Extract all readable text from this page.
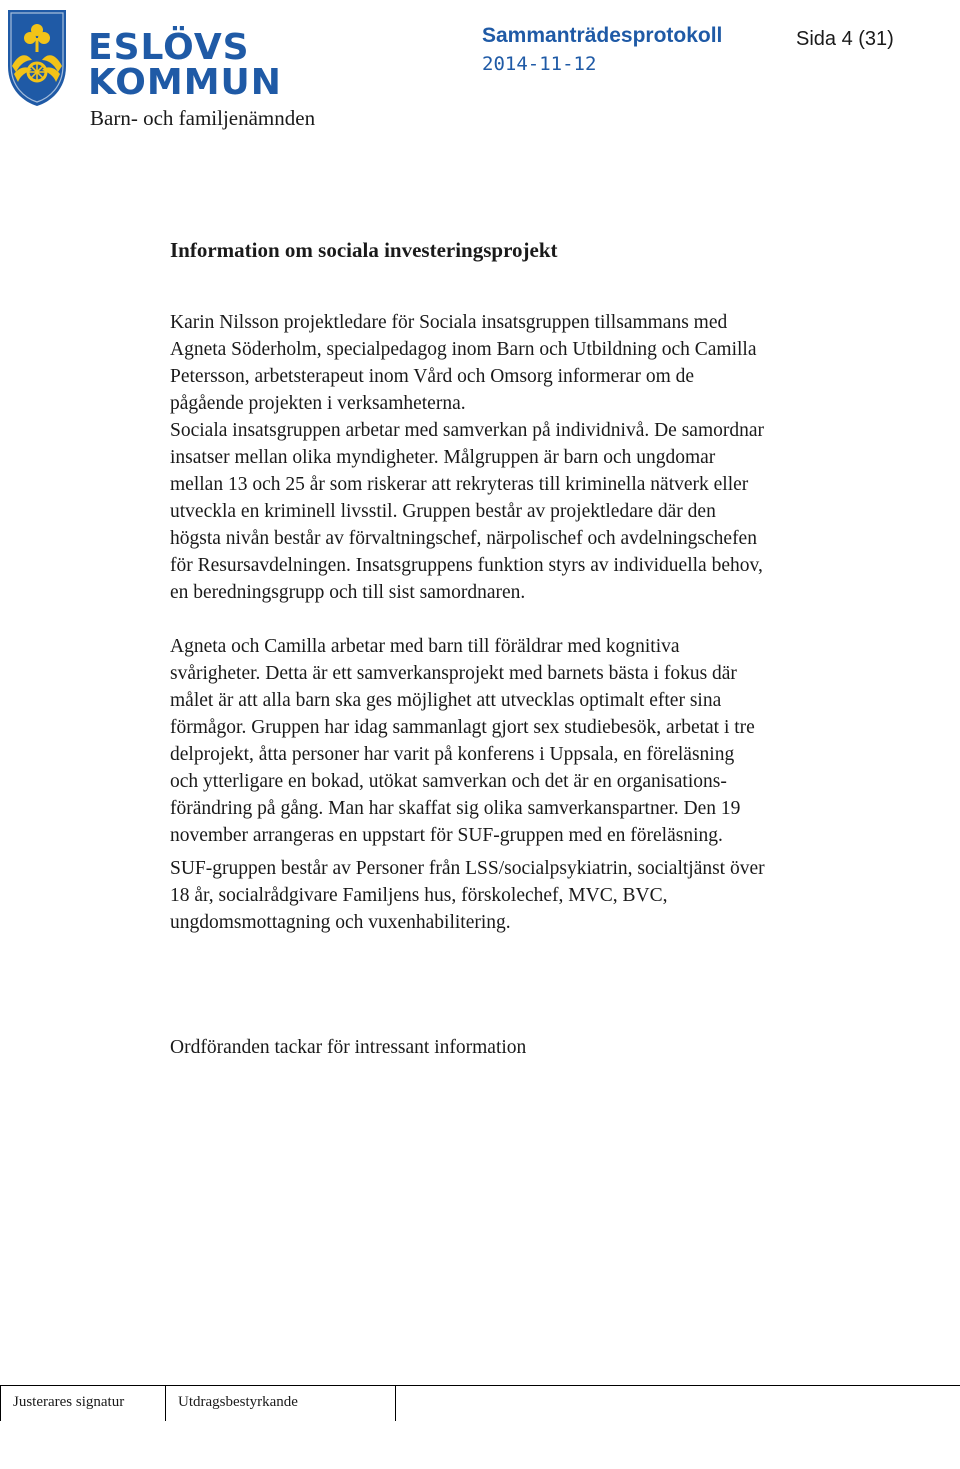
ESLÖVS
KOMMUN
Barn- och familjenämnden
Sammanträdesprotokoll	Sida 4 (31)
2014-11-12
Information om sociala investeringsprojekt
Karin Nilsson projektledare för Sociala insatsgruppen tillsammans med
Agneta Söderholm, specialpedagog inom Barn och Utbildning och Camilla
Petersson, arbetsterapeut inom Vård och Omsorg informerar om de
pågående projekten i verksamheterna.
Sociala insatsgruppen arbetar med samverkan på individnivå. De samordnar
insatser mellan olika myndigheter. Målgruppen är barn och ungdomar
mellan 13 och 25 år som riskerar att rekryteras till kriminella nätverk eller
utveckla en kriminell livsstil. Gruppen består av projektledare där den
högsta nivån består av förvaltningschef, närpolischef och avdelningschefen
för Resursavdelningen. Insatsgruppens funktion styrs av individuella behov,
en beredningsgrupp och till sist samordnaren.
Agneta och Camilla arbetar med barn till föräldrar med kognitiva
svårigheter. Detta är ett samverkansprojekt med barnets bästa i fokus där
målet är att alla barn ska ges möjlighet att utvecklas optimalt efter sina
förmågor. Gruppen har idag sammanlagt gjort sex studiebesök, arbetat i tre
delprojekt, åtta personer har varit på konferens i Uppsala, en föreläsning
och ytterligare en bokad, utökat samverkan och det är en organisations-
förändring på gång. Man har skaffat sig olika samverkanspartner. Den 19
november arrangeras en uppstart för SUF-gruppen med en föreläsning.
SUF-gruppen består av Personer från LSS/socialpsykiatrin, socialtjänst över
18 år, socialrådgivare Familjens hus, förskolechef, MVC, BVC,
ungdomsmottagning och vuxenhabilitering.
Ordföranden tackar för intressant information
Justerares signatur	Utdragsbestyrkande
